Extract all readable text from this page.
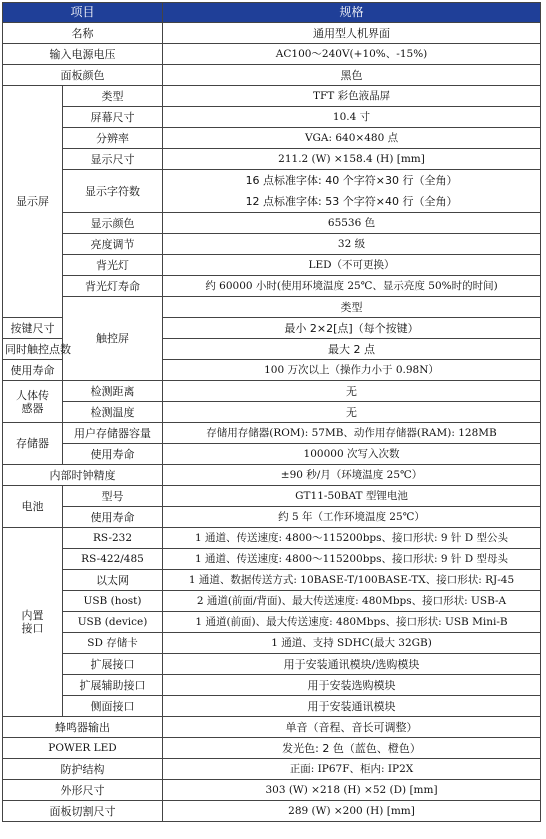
项目		规格	
名称		通用型人机界面	
输入电源电压		AC100～240V(+10%、-15%)	
面板颜色		黑色	
显示屏	类型	TFT 彩色液晶屏	
	屏幕尺寸	10.4 寸	
	分辨率	VGA: 640×480 点	
	显示尺寸	211.2 (W) ×158.4 (H) [mm]	
	显示字符数	16 点标准字体: 40 个字符×30 行（全角）
12 点标准字体: 53 个字符×40 行（全角）	

	显示颜色	65536 色	
	亮度调节	32 级	
	背光灯	LED（不可更换）	
	背光灯寿命	约 60000 小时(使用环境温度 25℃、显示亮度 50%时的时间)	
	触控屏	类型	
按键尺寸		最小 2×2[点]（每个按键）	
同时触控点数		最大 2 点	
使用寿命		100 万次以上（操作力小于 0.98N）	

人体传
感器	检测距离	无	
	检测温度	无	
存储器	用户存储器容量	存储用存储器(ROM): 57MB、动作用存储器(RAM): 128MB	
	使用寿命	100000 次写入次数	
内部时钟精度		±90 秒/月（环境温度 25℃）	
电池	型号	GT11-50BAT 型锂电池	
	使用寿命	约 5 年（工作环境温度 25℃）	

内置
接口	RS-232	1 通道、传送速度: 4800～115200bps、接口形状: 9 针 D 型公头	
	RS-422/485	1 通道、传送速度: 4800～115200bps、接口形状: 9 针 D 型母头	
	以太网	1 通道、数据传送方式: 10BASE-T/100BASE-TX、接口形状: RJ-45	
	USB (host)	2 通道(前面/背面)、最大传送速度: 480Mbps、接口形状: USB-A	
	USB (device)	1 通道(前面)、最大传送速度: 480Mbps、接口形状: USB Mini-B	
	SD 存储卡	1 通道、支持 SDHC(最大 32GB)	
	扩展接口	用于安装通讯模块/选购模块	
	扩展辅助接口	用于安装选购模块	
	侧面接口	用于安装通讯模块	
蜂鸣器输出		单音（音程、音长可调整）	
POWER LED		发光色: 2 色（蓝色、橙色）	
防护结构		正面: IP67F、柜内: IP2X	
外形尺寸		303 (W) ×218 (H) ×52 (D) [mm]	
面板切割尺寸		289 (W) ×200 (H) [mm]	
